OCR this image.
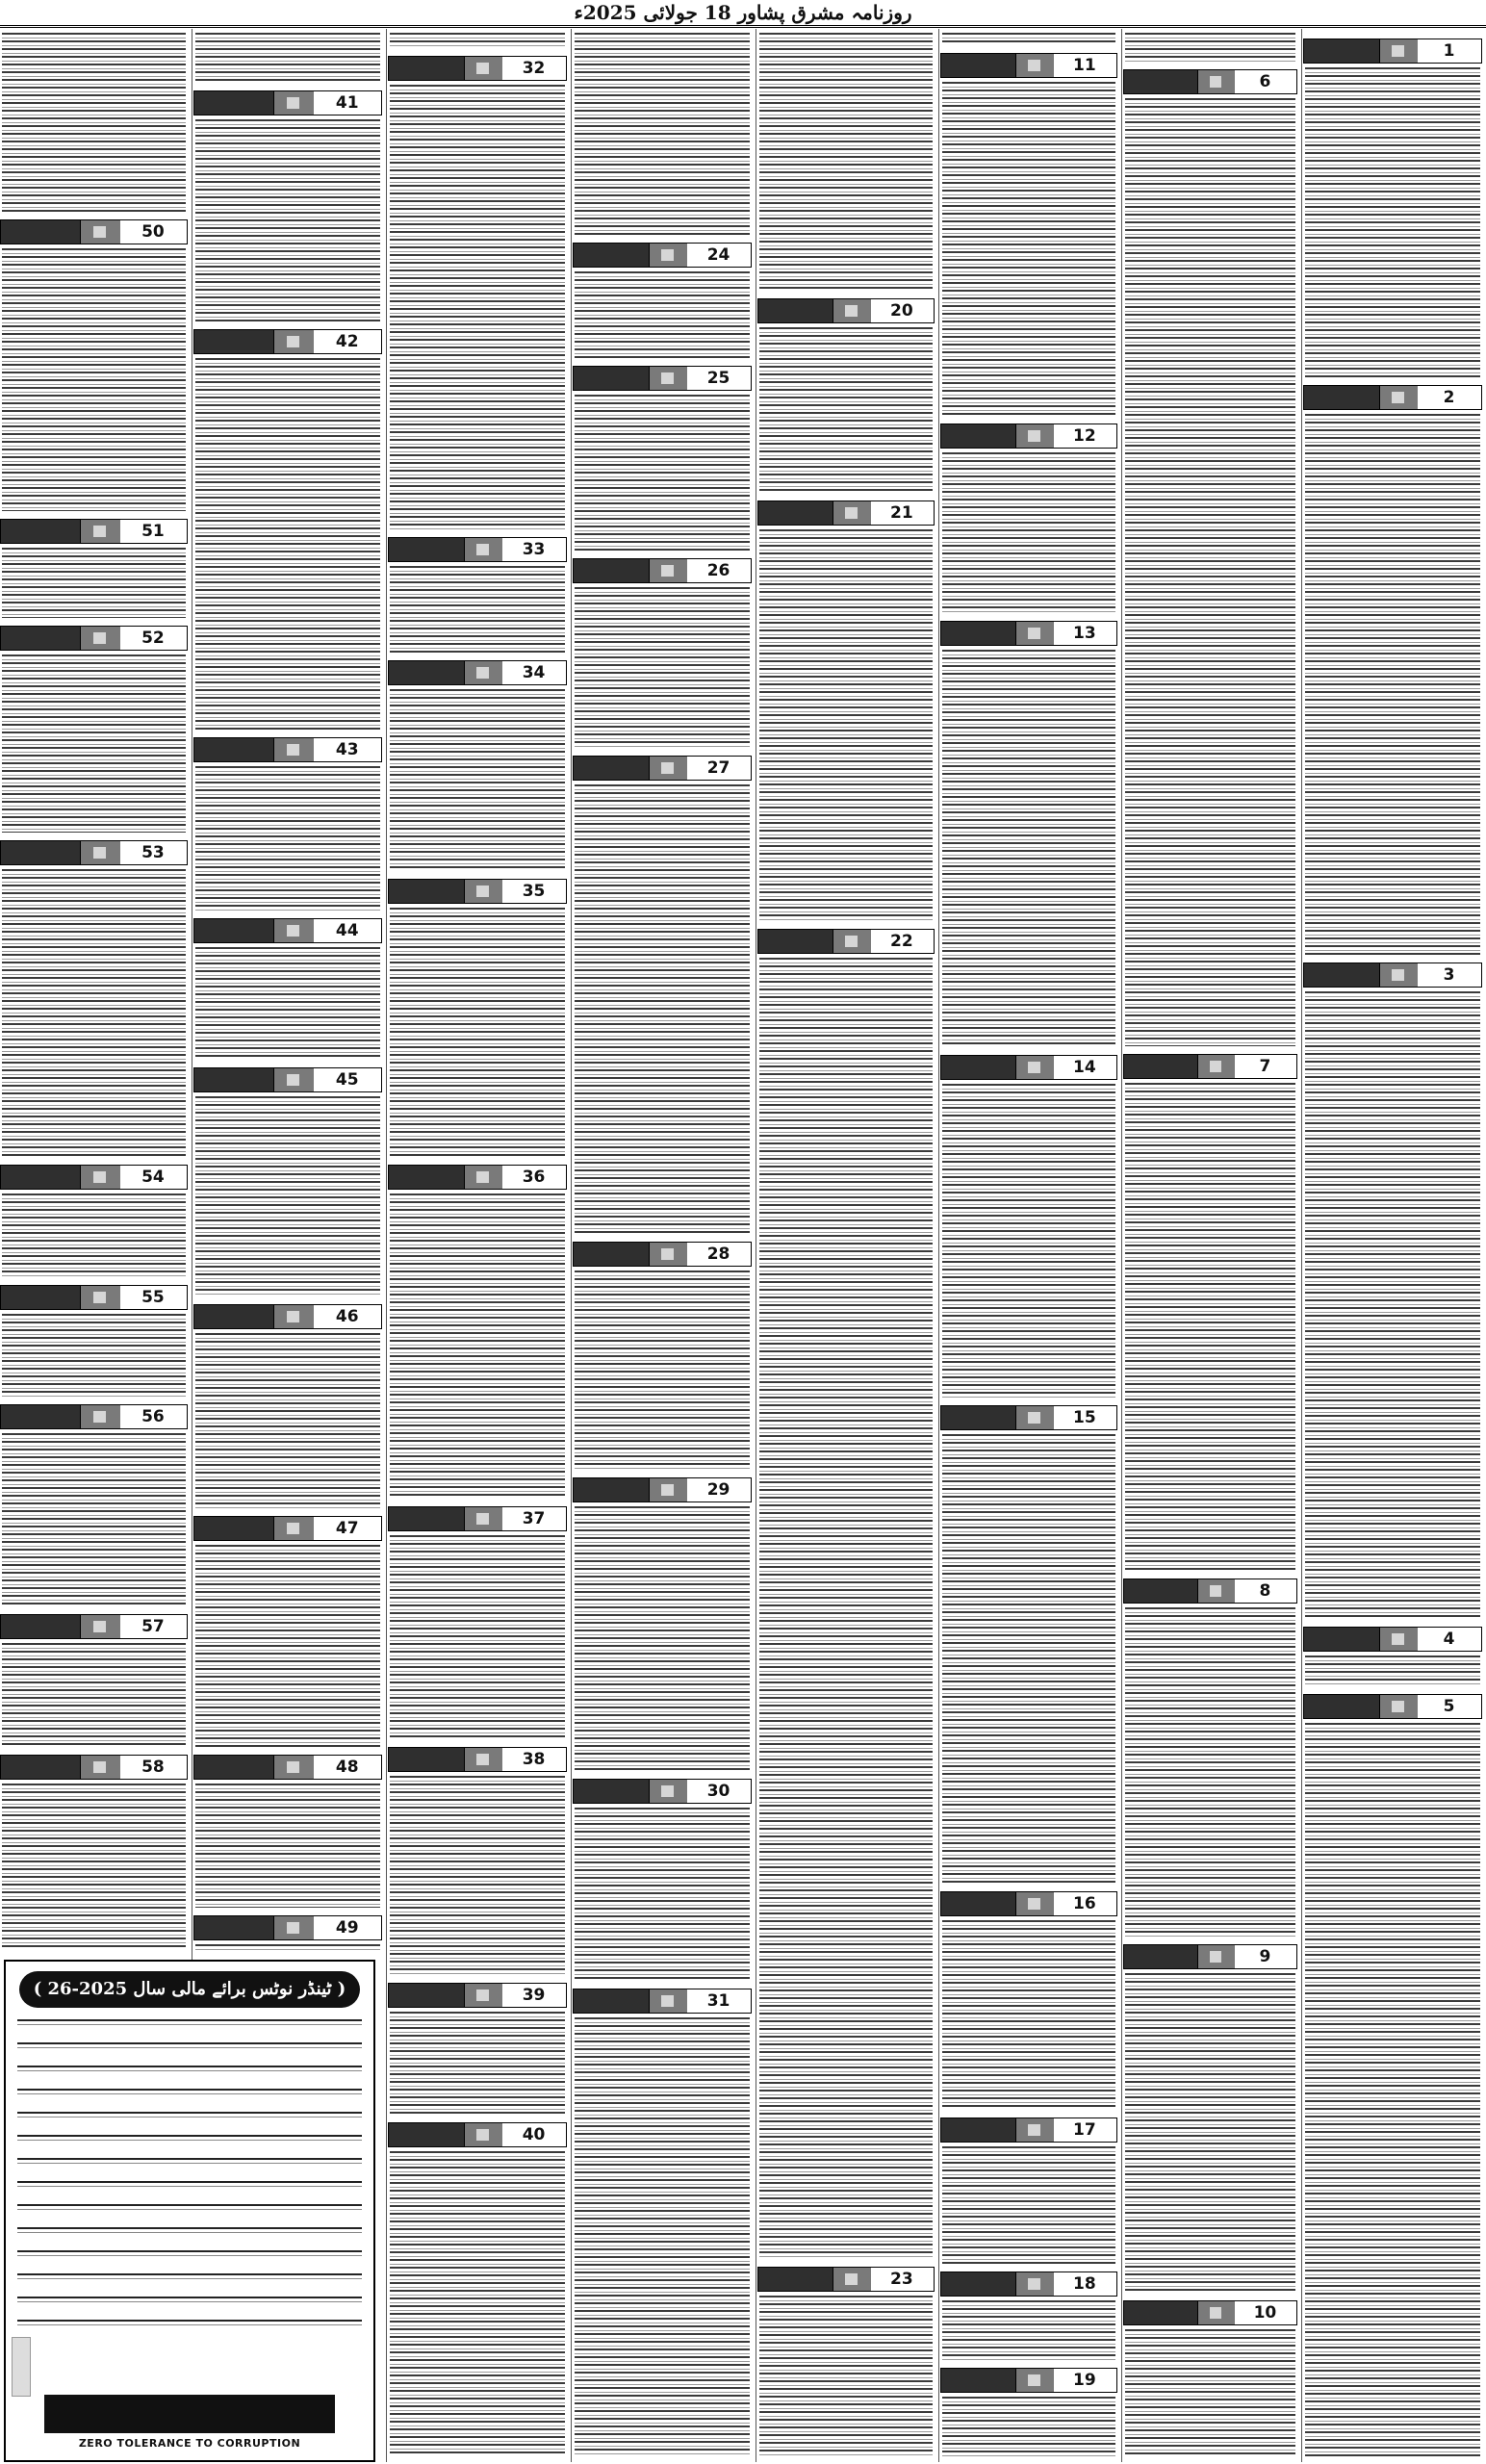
روزنامہ مشرق پشاور 18 جولائی 2025ء
1
2
3
4
5
6
7
8
9
10
11
12
13
14
15
16
17
18
19
20
21
22
23
24
25
26
27
28
29
30
31
32
33
34
35
36
37
38
39
40
41
42
43
44
45
46
47
48
49
50
51
52
53
54
55
56
57
58
( ٹینڈر نوٹس برائے مالی سال 2025-26 )
ZERO TOLERANCE TO CORRUPTION
